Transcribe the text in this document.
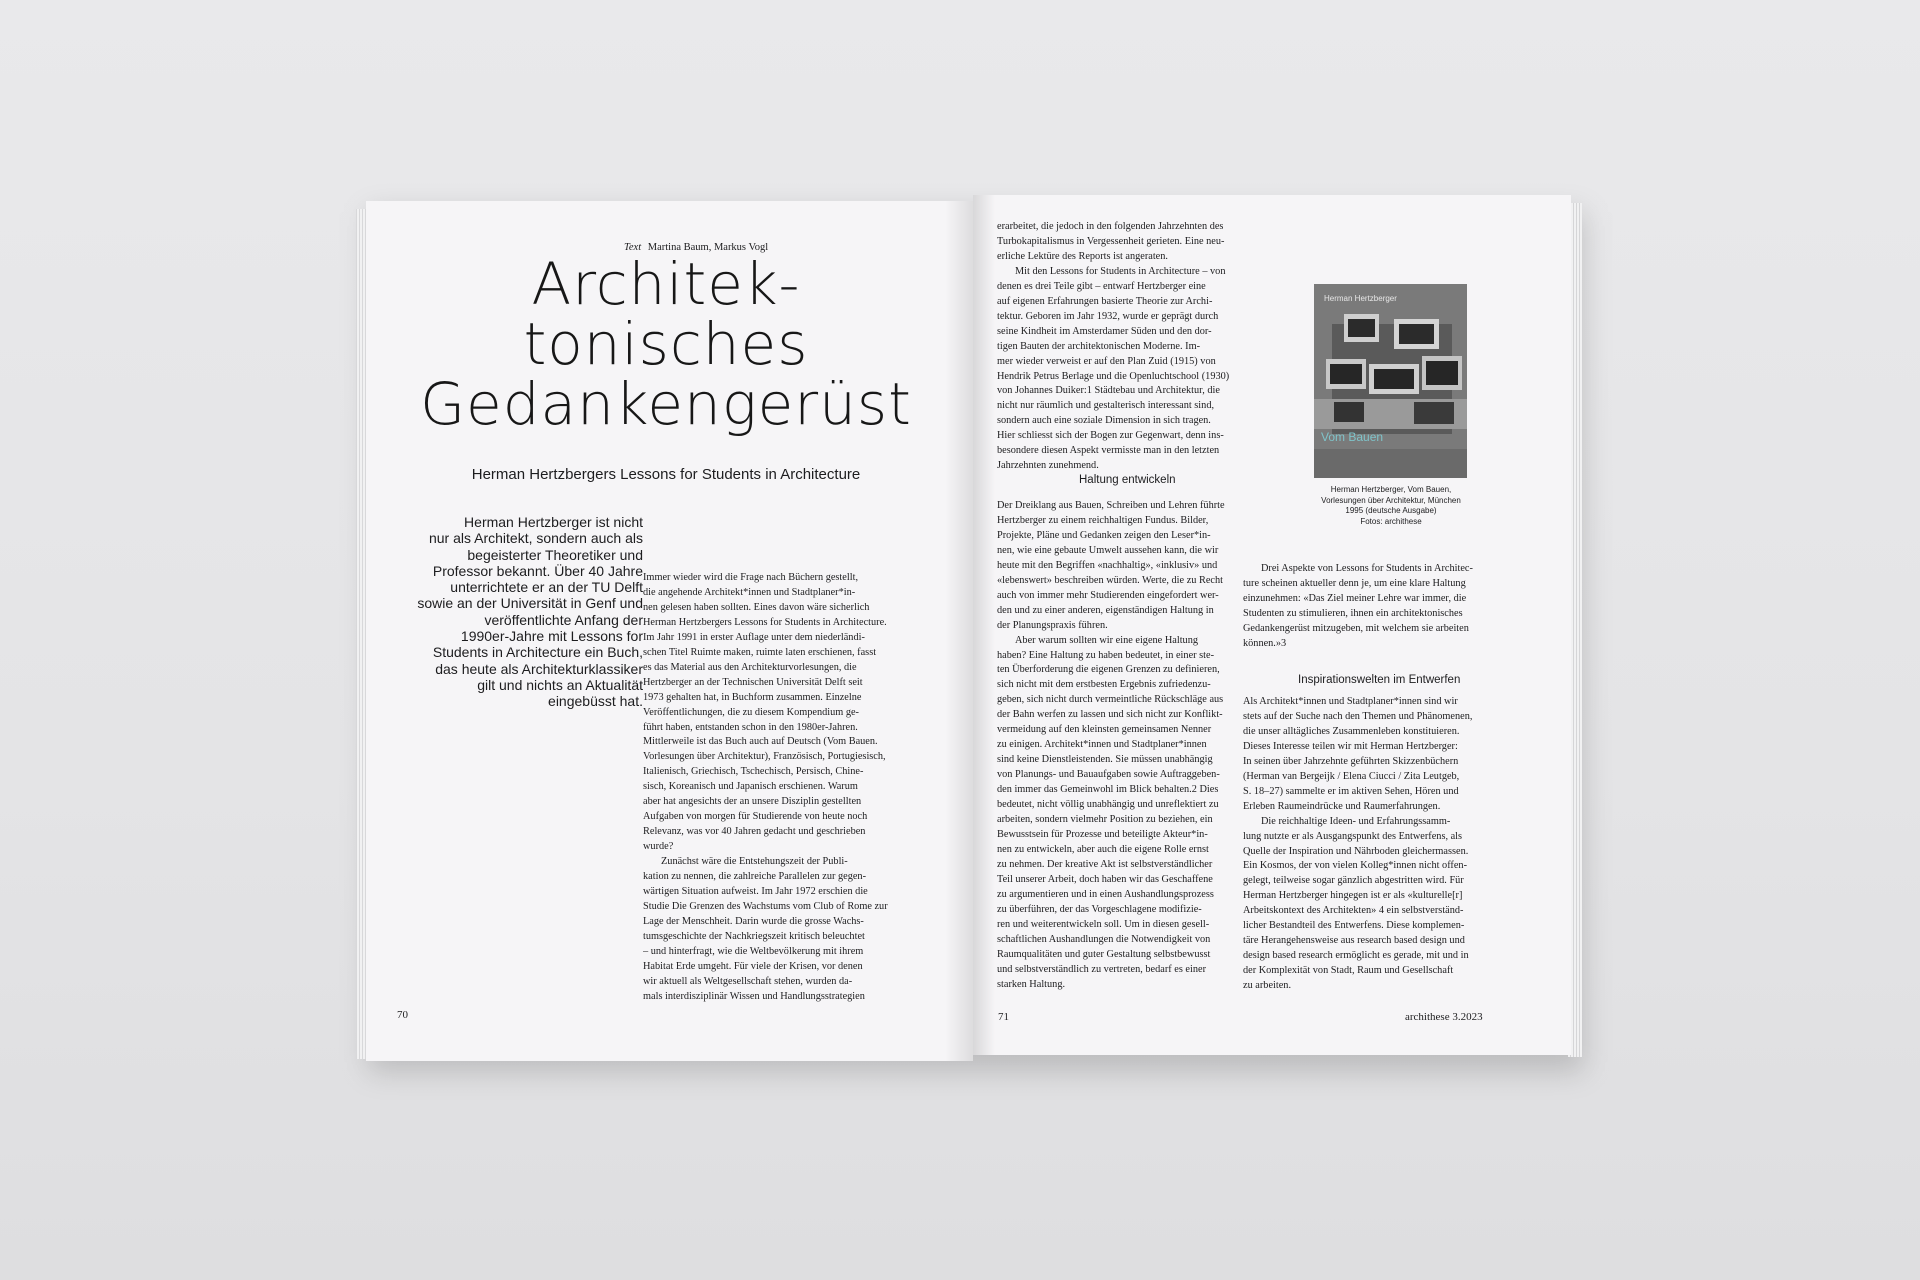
Text Martina Baum, Markus Vogl
Architek-
tonisches
Gedankengerüst
Herman Hertzbergers Lessons for Students in Architecture

Herman Hertzberger ist nicht

nur als Architekt, sondern auch als

begeisterter Theoretiker und

Professor bekannt. Über 40 Jahre

unterrichtete er an der TU Delft

sowie an der Universität in Genf und

veröffentlichte Anfang der

1990er-Jahre mit Lessons for

Students in Architecture ein Buch,

das heute als Architekturklassiker

gilt und nichts an Aktualität

eingebüsst hat.

Immer wieder wird die Frage nach Büchern gestellt,

die angehende Architekt*innen und Stadtplaner*in-

nen gelesen haben sollten. Eines davon wäre sicherlich

Herman Hertzbergers Lessons for Students in Architecture.

Im Jahr 1991 in erster Auflage unter dem niederländi-

schen Titel Ruimte maken, ruimte laten erschienen, fasst

es das Material aus den Architekturvorlesungen, die

Hertzberger an der Technischen Universität Delft seit

1973 gehalten hat, in Buchform zusammen. Einzelne

Veröffentlichungen, die zu diesem Kompendium ge-

führt haben, entstanden schon in den 1980er-Jahren.

Mittlerweile ist das Buch auch auf Deutsch (Vom Bauen.

Vorlesungen über Architektur), Französisch, Portugiesisch,

Italienisch, Griechisch, Tschechisch, Persisch, Chine-

sisch, Koreanisch und Japanisch erschienen. Warum

aber hat angesichts der an unsere Disziplin gestellten

Aufgaben von morgen für Studierende von heute noch

Relevanz, was vor 40 Jahren gedacht und geschrieben

wurde?

Zunächst wäre die Entstehungszeit der Publi-

kation zu nennen, die zahlreiche Parallelen zur gegen-

wärtigen Situation aufweist. Im Jahr 1972 erschien die

Studie Die Grenzen des Wachstums vom Club of Rome zur

Lage der Menschheit. Darin wurde die grosse Wachs-

tumsgeschichte der Nachkriegszeit kritisch beleuchtet

– und hinterfragt, wie die Weltbevölkerung mit ihrem

Habitat Erde umgeht. Für viele der Krisen, vor denen

wir aktuell als Weltgesellschaft stehen, wurden da-

mals interdisziplinär Wissen und Handlungsstrategien

70

erarbeitet, die jedoch in den folgenden Jahrzehnten des

Turbokapitalismus in Vergessenheit gerieten. Eine neu-

erliche Lektüre des Reports ist angeraten.

Mit den Lessons for Students in Architecture – von

denen es drei Teile gibt – entwarf Hertzberger eine

auf eigenen Erfahrungen basierte Theorie zur Archi-

tektur. Geboren im Jahr 1932, wurde er geprägt durch

seine Kindheit im Amsterdamer Süden und den dor-

tigen Bauten der architektonischen Moderne. Im-

mer wieder verweist er auf den Plan Zuid (1915) von

Hendrik Petrus Berlage und die Openluchtschool (1930)

von Johannes Duiker:1 Städtebau und Architektur, die

nicht nur räumlich und gestalterisch interessant sind,

sondern auch eine soziale Dimension in sich tragen.

Hier schliesst sich der Bogen zur Gegenwart, denn ins-

besondere diesen Aspekt vermisste man in den letzten

Jahrzehnten zunehmend.

Haltung entwickeln

Der Dreiklang aus Bauen, Schreiben und Lehren führte

Hertzberger zu einem reichhaltigen Fundus. Bilder,

Projekte, Pläne und Gedanken zeigen den Leser*in-

nen, wie eine gebaute Umwelt aussehen kann, die wir

heute mit den Begriffen «nachhaltig», «inklusiv» und

«lebenswert» beschreiben würden. Werte, die zu Recht

auch von immer mehr Studierenden eingefordert wer-

den und zu einer anderen, eigenständigen Haltung in

der Planungspraxis führen.

Aber warum sollten wir eine eigene Haltung

haben? Eine Haltung zu haben bedeutet, in einer ste-

ten Überforderung die eigenen Grenzen zu definieren,

sich nicht mit dem erstbesten Ergebnis zufriedenzu-

geben, sich nicht durch vermeintliche Rückschläge aus

der Bahn werfen zu lassen und sich nicht zur Konflikt-

vermeidung auf den kleinsten gemeinsamen Nenner

zu einigen. Architekt*innen und Stadtplaner*innen

sind keine Dienstleistenden. Sie müssen unabhängig

von Planungs- und Bauaufgaben sowie Auftraggeben-

den immer das Gemeinwohl im Blick behalten.2 Dies

bedeutet, nicht völlig unabhängig und unreflektiert zu

arbeiten, sondern vielmehr Position zu beziehen, ein

Bewusstsein für Prozesse und beteiligte Akteur*in-

nen zu entwickeln, aber auch die eigene Rolle ernst

zu nehmen. Der kreative Akt ist selbstverständlicher

Teil unserer Arbeit, doch haben wir das Geschaffene

zu argumentieren und in einen Aushandlungsprozess

zu überführen, der das Vorgeschlagene modifizie-

ren und weiterentwickeln soll. Um in diesen gesell-

schaftlichen Aushandlungen die Notwendigkeit von

Raumqualitäten und guter Gestaltung selbstbewusst

und selbstverständlich zu vertreten, bedarf es einer

starken Haltung.

Herman Hertzberger
Vom Bauen

Herman Hertzberger, Vom Bauen,

Vorlesungen über Architektur, München

1995 (deutsche Ausgabe)

Fotos: archithese

Drei Aspekte von Lessons for Students in Architec-

ture scheinen aktueller denn je, um eine klare Haltung

einzunehmen: «Das Ziel meiner Lehre war immer, die

Studenten zu stimulieren, ihnen ein architektonisches

Gedankengerüst mitzugeben, mit welchem sie arbeiten

können.»3

Inspirationswelten im Entwerfen

Als Architekt*innen und Stadtplaner*innen sind wir

stets auf der Suche nach den Themen und Phänomenen,

die unser alltägliches Zusammenleben konstituieren.

Dieses Interesse teilen wir mit Herman Hertzberger:

In seinen über Jahrzehnte geführten Skizzenbüchern

(Herman van Bergeijk / Elena Ciucci / Zita Leutgeb,

S. 18–27) sammelte er im aktiven Sehen, Hören und

Erleben Raumeindrücke und Raumerfahrungen.

Die reichhaltige Ideen- und Erfahrungssamm-

lung nutzte er als Ausgangspunkt des Entwerfens, als

Quelle der Inspiration und Nährboden gleichermassen.

Ein Kosmos, der von vielen Kolleg*innen nicht offen-

gelegt, teilweise sogar gänzlich abgestritten wird. Für

Herman Hertzberger hingegen ist er als «kulturelle[r]

Arbeitskontext des Architekten» 4 ein selbstverständ-

licher Bestandteil des Entwerfens. Diese komplemen-

täre Herangehensweise aus research based design und

design based research ermöglicht es gerade, mit und in

der Komplexität von Stadt, Raum und Gesellschaft

zu arbeiten.

71	archithese 3.2023
